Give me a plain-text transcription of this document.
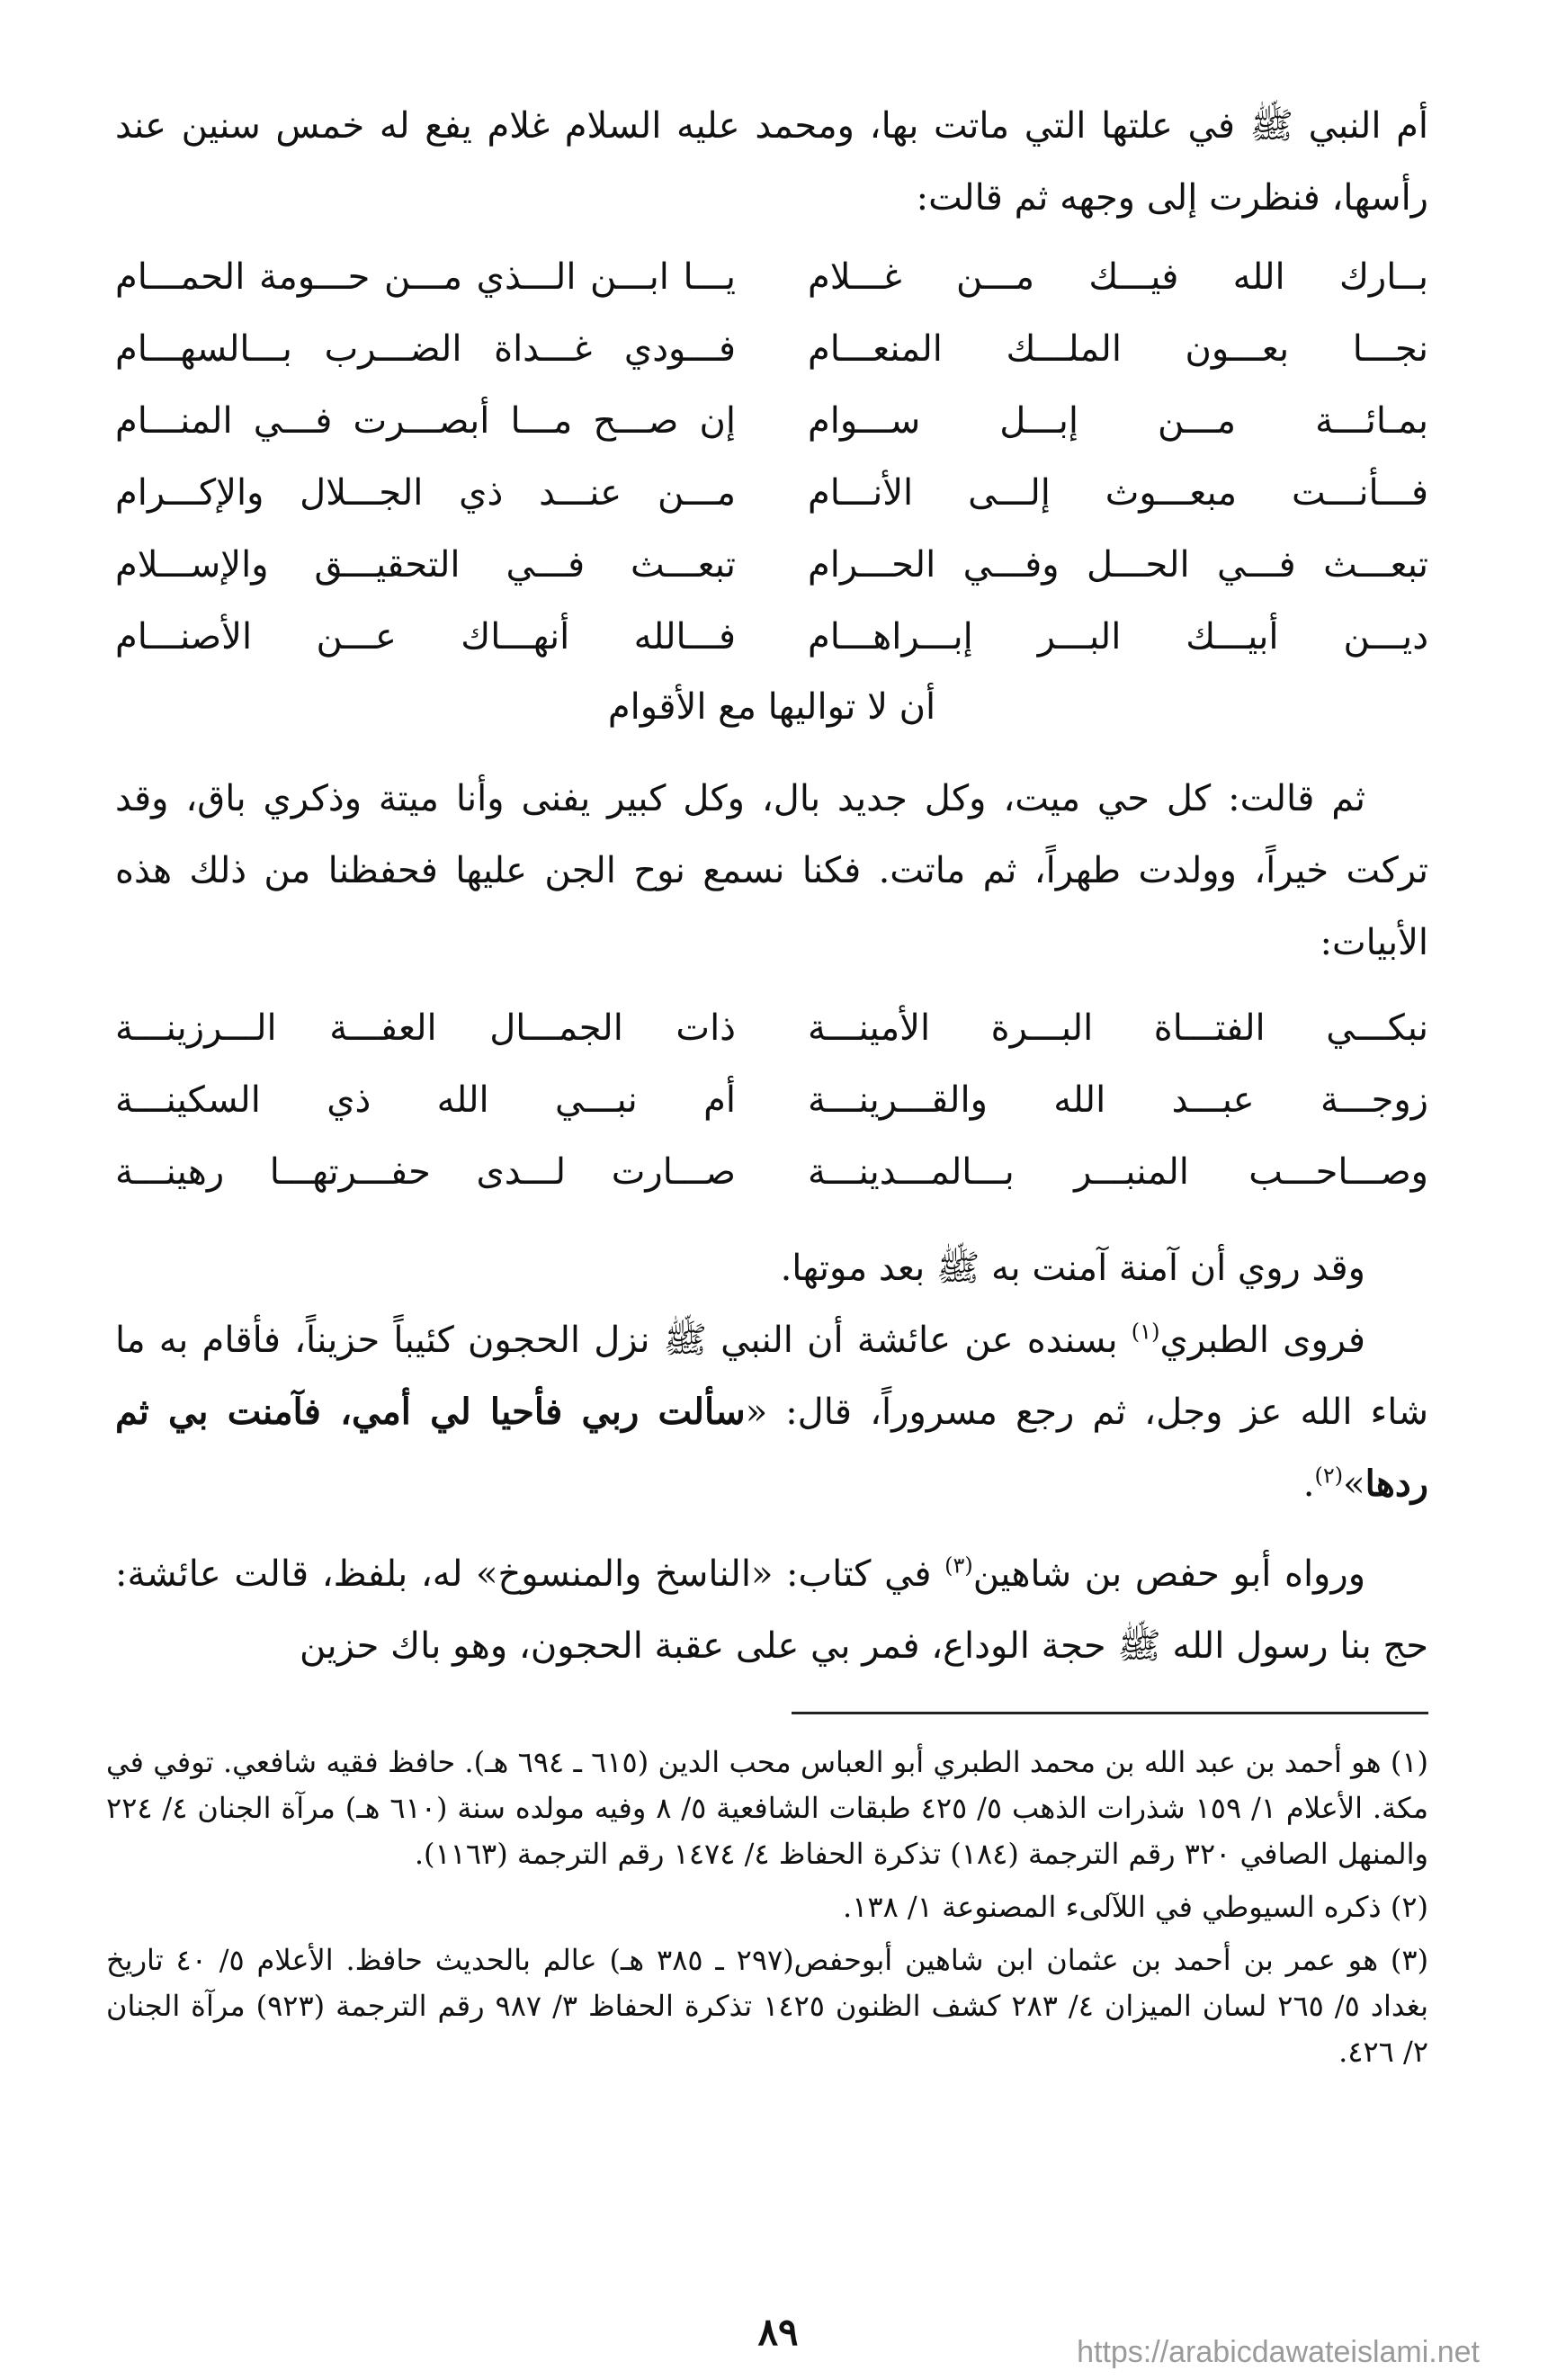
أم النبي ﷺ في علتها التي ماتت بها، ومحمد عليه السلام غلام يفع له خمس سنين عند رأسها، فنظرت إلى وجهه ثم قالت:
بــارك الله فيـــك مـــن غـــلام
يـــا ابـــن الـــذي مـــن حـــومة الحمـــام
نجـــا بعـــون الملـــك المنعـــام
فـــودي غـــداة الضـــرب بـــالسهـــام
بمـائـــة مـــن إبـــل ســـوام
إن صـــح مـــا أبصـــرت فـــي المنـــام
فـــأنـــت مبعـــوث إلـــى الأنـــام
مـــن عنـــد ذي الجـــلال والإكـــرام
تبعـــث فـــي الحـــل وفـــي الحـــرام
تبعـــث فـــي التحقيـــق والإســـلام
ديـــن أبيـــك البـــر إبـــراهـــام
فـــالله أنهـــاك عـــن الأصنـــام
أن لا تواليها مع الأقوام
ثم قالت: كل حي ميت، وكل جديد بال، وكل كبير يفنى وأنا ميتة وذكري باق، وقد تركت خيراً، وولدت طهراً، ثم ماتت. فكنا نسمع نوح الجن عليها فحفظنا من ذلك هذه الأبيات:
نبكـــي الفتـــاة البـــرة الأمينـــة
ذات الجمـــال العفـــة الـــرزينـــة
زوجـــة عبـــد الله والقـــرينـــة
أم نبـــي الله ذي السكينـــة
وصـــاحـــب المنبـــر بـــالمـــدينـــة
صـــارت لـــدى حفـــرتهـــا رهينـــة
وقد روي أن آمنة آمنت به ﷺ بعد موتها.
فروى الطبري$^{(١)}$ بسنده عن عائشة أن النبي ﷺ نزل الحجون كئيباً حزيناً، فأقام به ما شاء الله عز وجل، ثم رجع مسروراً، قال: «سألت ربي فأحيا لي أمي، فآمنت بي ثم ردها»$^{(٢)}$.
ورواه أبو حفص بن شاهين$^{(٣)}$ في كتاب: «الناسخ والمنسوخ» له، بلفظ، قالت عائشة: حج بنا رسول الله ﷺ حجة الوداع، فمر بي على عقبة الحجون، وهو باك حزين

(١) هو أحمد بن عبد الله بن محمد الطبري أبو العباس محب الدين (٦١٥ ـ ٦٩٤ هـ). حافظ فقيه شافعي. توفي في مكة. الأعلام ١/ ١٥٩ شذرات الذهب ٥/ ٤٢٥ طبقات الشافعية ٥/ ٨ وفيه مولده سنة (٦١٠ هـ) مرآة الجنان ٤/ ٢٢٤ والمنهل الصافي ٣٢٠ رقم الترجمة (١٨٤) تذكرة الحفاظ ٤/ ١٤٧٤ رقم الترجمة (١١٦٣).

(٢) ذكره السيوطي في اللآلىء المصنوعة ١/ ١٣٨.

(٣) هو عمر بن أحمد بن عثمان ابن شاهين أبوحفص(٢٩٧ ـ ٣٨٥ هـ) عالم بالحديث حافظ. الأعلام ٥/ ٤٠ تاريخ بغداد ٥/ ٢٦٥ لسان الميزان ٤/ ٢٨٣ كشف الظنون ١٤٢٥ تذكرة الحفاظ ٣/ ٩٨٧ رقم الترجمة (٩٢٣) مرآة الجنان ٢/ ٤٢٦.

٨٩	https://arabicdawateislami.net
